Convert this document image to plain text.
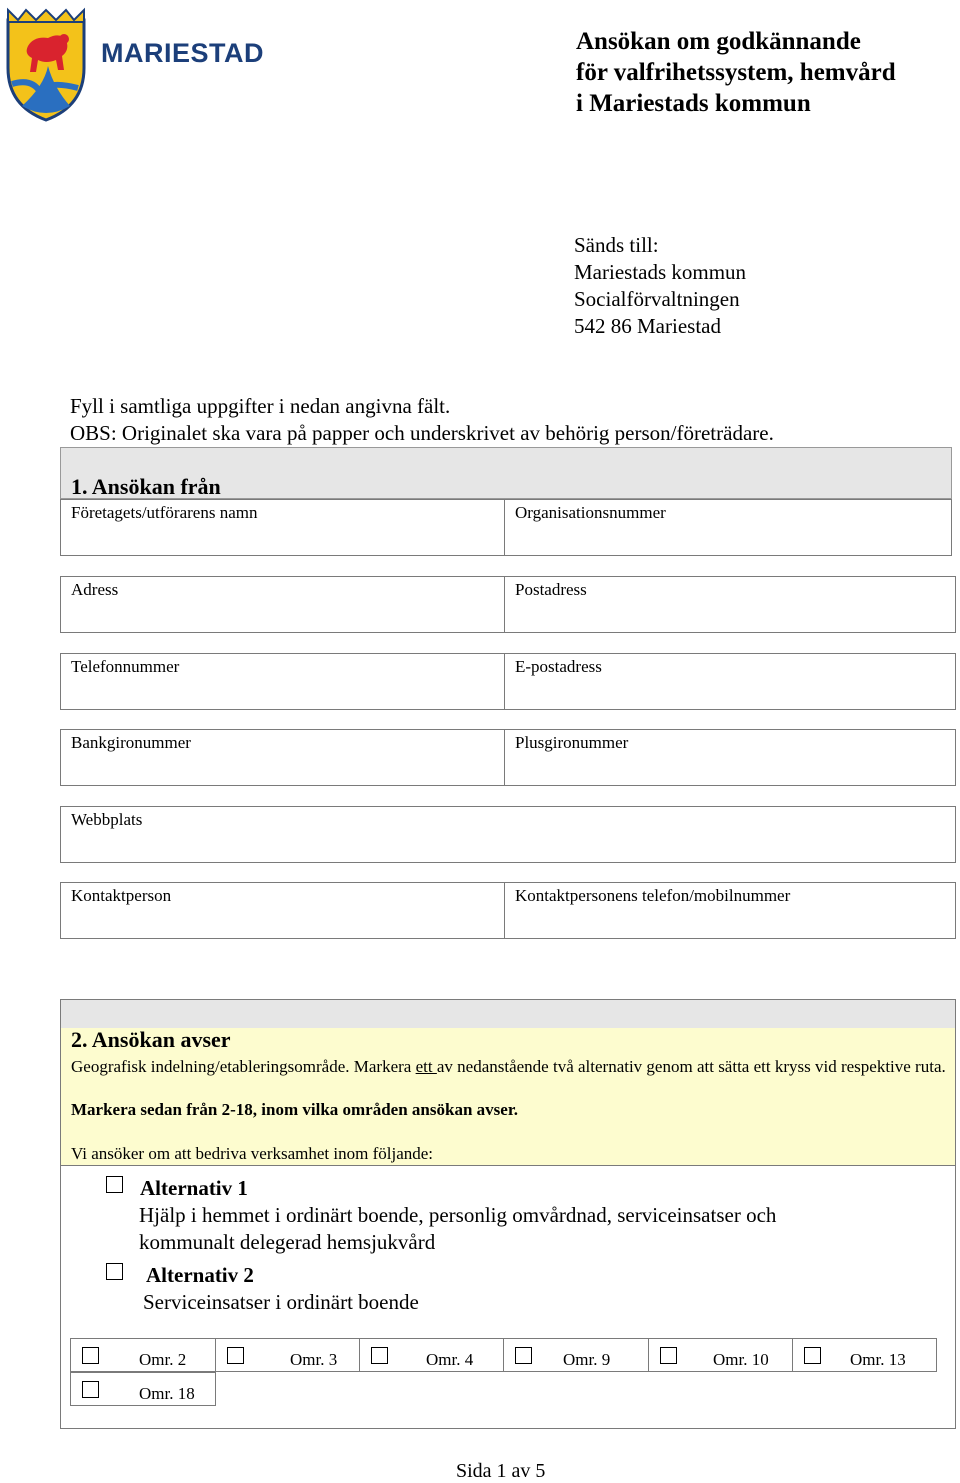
MARIESTAD	Ansökan om godkännande
för valfrihetssystem, hemvård
i Mariestads kommun
Sänds till:
Mariestads kommun
Socialförvaltningen
542 86 Mariestad
Fyll i samtliga uppgifter i nedan angivna fält.
OBS: Originalet ska vara på papper och underskrivet av behörig person/företrädare.
1. Ansökan från
Företagets/utförarens namn	Organisationsnummer
Adress	Postadress
Telefonnummer	E-postadress
Bankgironummer	Plusgironummer
Webbplats
Kontaktperson	Kontaktpersonens telefon/mobilnummer
2. Ansökan avser
Geografisk indelning/etableringsområde. Markera ett av nedanstående två alternativ genom att sätta ett kryss vid respektive ruta.
Markera sedan från 2-18, inom vilka områden ansökan avser.
Vi ansöker om att bedriva verksamhet inom följande:
Alternativ 1
Hjälp i hemmet i ordinärt boende, personlig omvårdnad, serviceinsatser och
kommunalt delegerad hemsjukvård
Alternativ 2
Serviceinsatser i ordinärt boende
Omr. 2	Omr. 3	Omr. 4	Omr. 9	Omr. 10	Omr. 13
Omr. 18
Sida 1 av 5
